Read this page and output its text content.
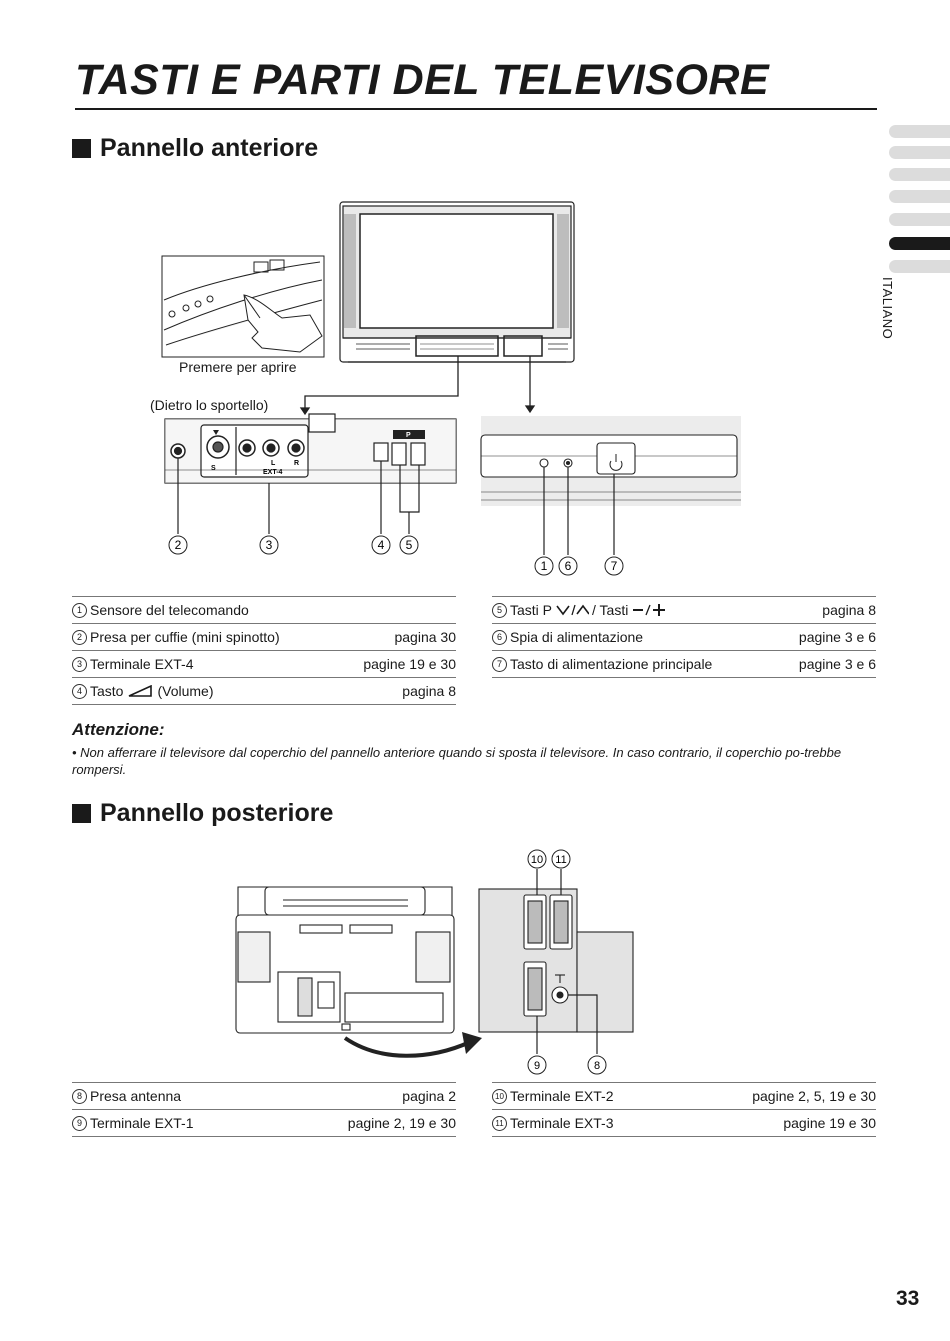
TASTI E PARTI DEL TELEVISORE
ITALIANO
Pannello anteriore
S
L	R
EXT-4
P
2	3	4 5
1 6	7
Premere per aprire
(Dietro lo sportello)
1 Sensore del telecomando
2 Presa per cuffie (mini spinotto)	pagina 30
3 Terminale EXT-4	pagine 19 e 30
4 Tasto (Volume)	pagina 8
5 Tasti P	/ Tasti	pagina 8
6 Spia di alimentazione	pagine 3 e 6
7 Tasto di alimentazione principale	pagine 3 e 6
Attenzione:
• Non afferrare il televisore dal coperchio del pannello anteriore quando si sposta il televisore. In caso contrario, il coperchio po-trebbe rompersi.
Pannello posteriore
10 11
9	8
8 Presa antenna	pagina 2
9 Terminale EXT-1	pagine 2, 19 e 30
10 Terminale EXT-2	pagine 2, 5, 19 e 30
11 Terminale EXT-3	pagine 19 e 30
33
